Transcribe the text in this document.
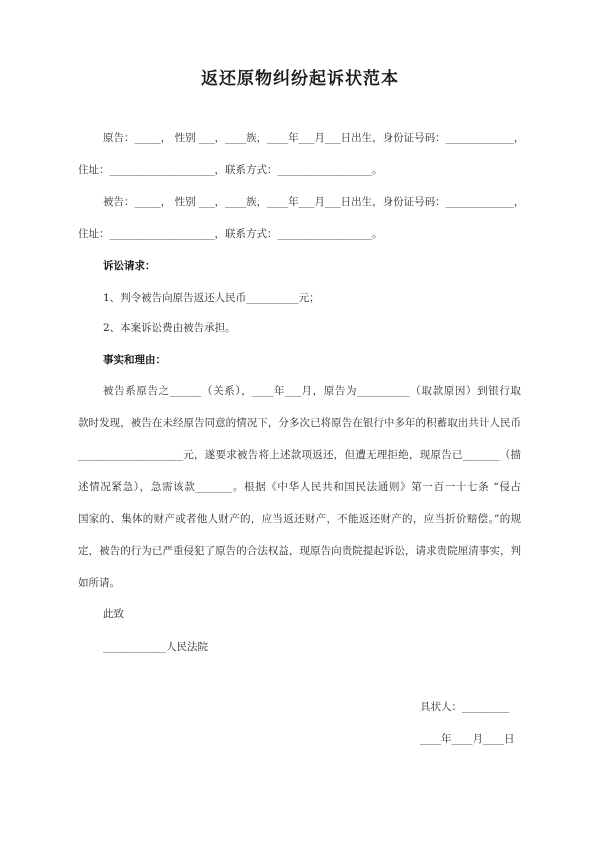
返还原物纠纷起诉状范本
原告：_____， 性别 ___，____族，____年___月___日出生，身份证号码：_____________，
住址：____________________，联系方式：__________________。
被告：_____， 性别 ___，____族，____年___月___日出生，身份证号码：_____________，
住址：____________________，联系方式：__________________。
诉讼请求：
1、判令被告向原告返还人民币__________元；
2、本案诉讼费由被告承担。
事实和理由：
被告系原告之______（关系），____年___月，原告为__________（取款原因）到银行取
款时发现，被告在未经原告同意的情况下，分多次已将原告在银行中多年的积蓄取出共计人民币
____________________元，遂要求被告将上述款项返还，但遭无理拒绝，现原告已_______（描
述情况紧急），急需该款_______。根据《中华人民共和国民法通则》第一百一十七条 “侵占
国家的、集体的财产或者他人财产的，应当返还财产，不能返还财产的，应当折价赔偿。”的规
定，被告的行为已严重侵犯了原告的合法权益，现原告向贵院提起诉讼，请求贵院厘清事实，判
如所请。
此致
____________人民法院
具状人：_________
____年____月____日
